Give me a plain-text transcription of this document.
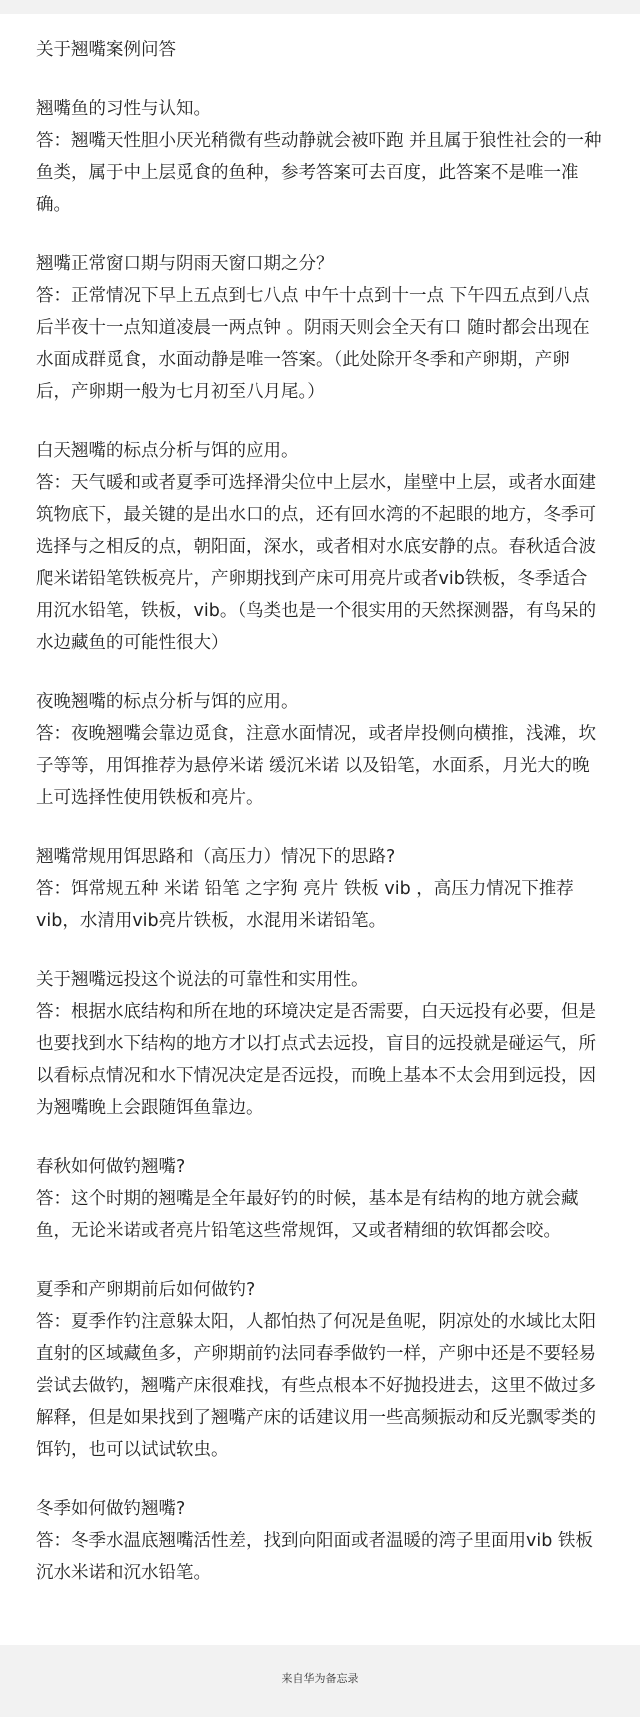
关于翘嘴案例问答

翘嘴鱼的习性与认知。

答：翘嘴天性胆小厌光稍微有些动静就会被吓跑 并且属于狼性社会的一种鱼类，属于中上层觅食的鱼种，参考答案可去百度，此答案不是唯一准确。

翘嘴正常窗口期与阴雨天窗口期之分？

答：正常情况下早上五点到七八点 中午十点到十一点 下午四五点到八点 后半夜十一点知道凌晨一两点钟 。阴雨天则会全天有口 随时都会出现在水面成群觅食，水面动静是唯一答案。（此处除开冬季和产卵期，产卵后，产卵期一般为七月初至八月尾。）

白天翘嘴的标点分析与饵的应用。

答：天气暖和或者夏季可选择滑尖位中上层水，崖壁中上层，或者水面建筑物底下，最关键的是出水口的点，还有回水湾的不起眼的地方，冬季可选择与之相反的点，朝阳面，深水，或者相对水底安静的点。春秋适合波爬米诺铅笔铁板亮片，产卵期找到产床可用亮片或者vib铁板，冬季适合用沉水铅笔，铁板，vib。（鸟类也是一个很实用的天然探测器，有鸟呆的水边藏鱼的可能性很大）

夜晚翘嘴的标点分析与饵的应用。

答：夜晚翘嘴会靠边觅食，注意水面情况，或者岸投侧向横推，浅滩，坎子等等，用饵推荐为悬停米诺 缓沉米诺 以及铅笔，水面系，月光大的晚上可选择性使用铁板和亮片。

翘嘴常规用饵思路和（高压力）情况下的思路?

答：饵常规五种 米诺 铅笔 之字狗 亮片 铁板 vib ，高压力情况下推荐vib，水清用vib亮片铁板，水混用米诺铅笔。

关于翘嘴远投这个说法的可靠性和实用性。

答：根据水底结构和所在地的环境决定是否需要，白天远投有必要，但是也要找到水下结构的地方才以打点式去远投，盲目的远投就是碰运气，所以看标点情况和水下情况决定是否远投，而晚上基本不太会用到远投，因为翘嘴晚上会跟随饵鱼靠边。

春秋如何做钓翘嘴?

答：这个时期的翘嘴是全年最好钓的时候，基本是有结构的地方就会藏鱼，无论米诺或者亮片铅笔这些常规饵，又或者精细的软饵都会咬。

夏季和产卵期前后如何做钓?

答：夏季作钓注意躲太阳，人都怕热了何况是鱼呢，阴凉处的水域比太阳直射的区域藏鱼多，产卵期前钓法同春季做钓一样，产卵中还是不要轻易尝试去做钓，翘嘴产床很难找，有些点根本不好抛投进去，这里不做过多解释，但是如果找到了翘嘴产床的话建议用一些高频振动和反光飘零类的饵钓，也可以试试软虫。

冬季如何做钓翘嘴?

答：冬季水温底翘嘴活性差，找到向阳面或者温暖的湾子里面用vib 铁板 沉水米诺和沉水铅笔。

来自华为备忘录
